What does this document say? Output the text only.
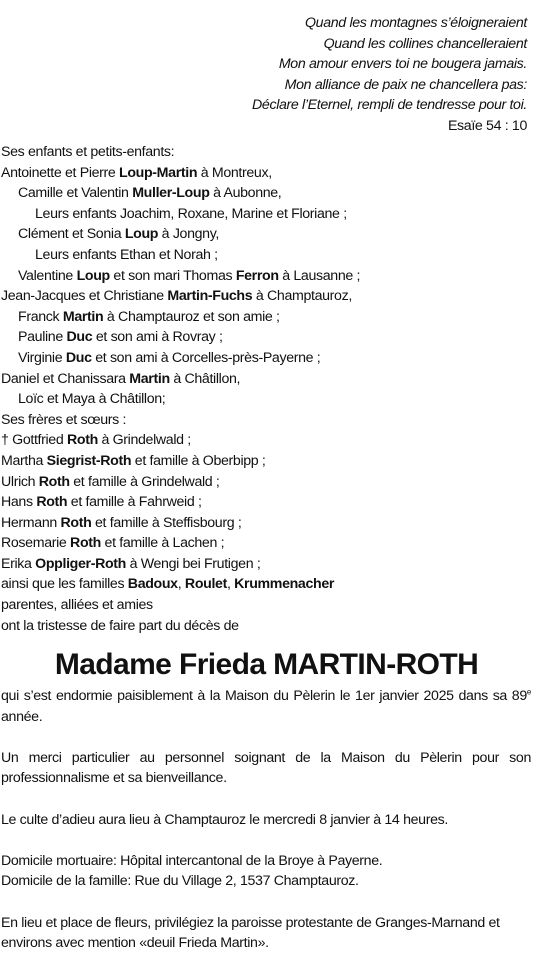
Quand les montagnes s’éloigneraient
Quand les collines chancelleraient
Mon amour envers toi ne bougera jamais.
Mon alliance de paix ne chancellera pas:
Déclare l’Eternel, rempli de tendresse pour toi.
Esaïe 54 : 10
Ses enfants et petits-enfants:
Antoinette et Pierre Loup-Martin à Montreux,
Camille et Valentin Muller-Loup à Aubonne,
Leurs enfants Joachim, Roxane, Marine et Floriane ;
Clément et Sonia Loup à Jongny,
Leurs enfants Ethan et Norah ;
Valentine Loup et son mari Thomas Ferron à Lausanne ;
Jean-Jacques et Christiane Martin-Fuchs à Champtauroz,
Franck Martin à Champtauroz et son amie ;
Pauline Duc et son ami à Rovray ;
Virginie Duc et son ami à Corcelles-près-Payerne ;
Daniel et Chanissara Martin à Châtillon,
Loïc et Maya à Châtillon;
Ses frères et sœurs :
† Gottfried Roth à Grindelwald ;
Martha Siegrist-Roth et famille à Oberbipp ;
Ulrich Roth et famille à Grindelwald ;
Hans Roth et famille à Fahrweid ;
Hermann Roth et famille à Steffisbourg ;
Rosemarie Roth et famille à Lachen ;
Erika Oppliger-Roth à Wengi bei Frutigen ;
ainsi que les familles Badoux, Roulet, Krummenacher
parentes, alliées et amies
ont la tristesse de faire part du décès de
Madame Frieda MARTIN-ROTH

qui s’est endormie paisiblement à la Maison du Pèlerin le 1er janvier 2025 dans sa 89e année.

Un merci particulier au personnel soignant de la Maison du Pèlerin pour son professionnalisme et sa bienveillance.

Le culte d’adieu aura lieu à Champtauroz le mercredi 8 janvier à 14 heures.

Domicile mortuaire: Hôpital intercantonal de la Broye à Payerne.

Domicile de la famille: Rue du Village 2, 1537 Champtauroz.

En lieu et place de fleurs, privilégiez la paroisse protestante de Granges-Marnand et environs avec mention «deuil Frieda Martin».
